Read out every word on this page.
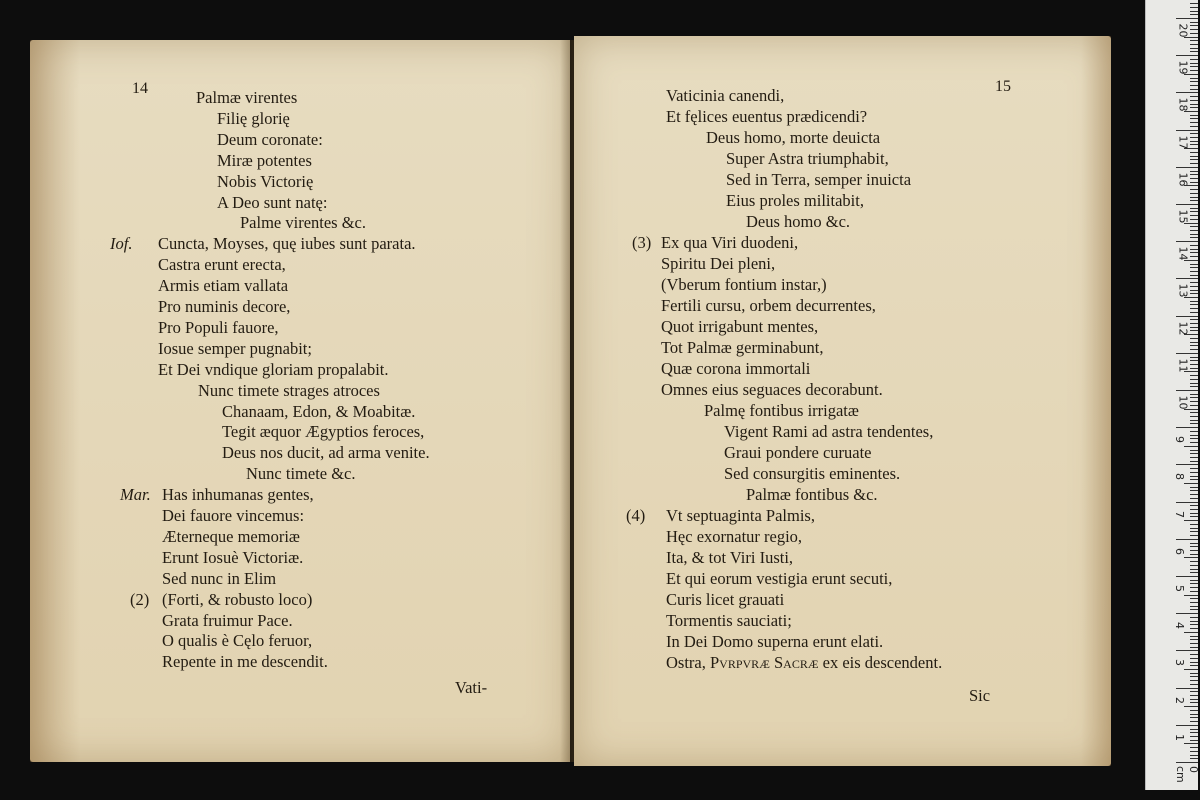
14	Palmæ virentes
Filię glorię
Deum coronate:
Miræ potentes
Nobis Victorię
A Deo sunt natę:
Palme virentes &c.
Iof. Cuncta, Moyses, quę iubes sunt parata.
Castra erunt erecta,
Armis etiam vallata
Pro numinis decore,
Pro Populi fauore,
Iosue semper pugnabit;
Et Dei vndique gloriam propalabit.
Nunc timete strages atroces
Chanaam, Edon, & Moabitæ.
Tegit æquor Ægyptios feroces,
Deus nos ducit, ad arma venite.
Nunc timete &c.
Mar. Has inhumanas gentes,
Dei fauore vincemus:
Æterneque memoriæ
Erunt Iosuè Victoriæ.
Sed nunc in Elim
(2) (Forti, & robusto loco)
Grata fruimur Pace.
O qualis è Cęlo feruor,
Repente in me descendit.
Vati-
15
Vaticinia canendi,
Et fęlices euentus prædicendi?
Deus homo, morte deuicta
Super Astra triumphabit,
Sed in Terra, semper inuicta
Eius proles militabit,
Deus homo &c.
(3) Ex qua Viri duodeni,
Spiritu Dei pleni,
(Vberum fontium instar,)
Fertili cursu, orbem decurrentes,
Quot irrigabunt mentes,
Tot Palmæ germinabunt,
Quæ corona immortali
Omnes eius seguaces decorabunt.
Palmę fontibus irrigatæ
Vigent Rami ad astra tendentes,
Graui pondere curuate
Sed consurgitis eminentes.
Palmæ fontibus &c.
(4) Vt septuaginta Palmis,
Hęc exornatur regio,
Ita, & tot Viri Iusti,
Et qui eorum vestigia erunt secuti,
Curis licet grauati
Tormentis sauciati;
In Dei Domo superna erunt elati.
Ostra, Pvrpvræ Sacræ ex eis descendent.
Sic
1
2
3
4
5
6
7
8
9
10
11
12
13
14
15
16
17
18
19
20
0 cm
